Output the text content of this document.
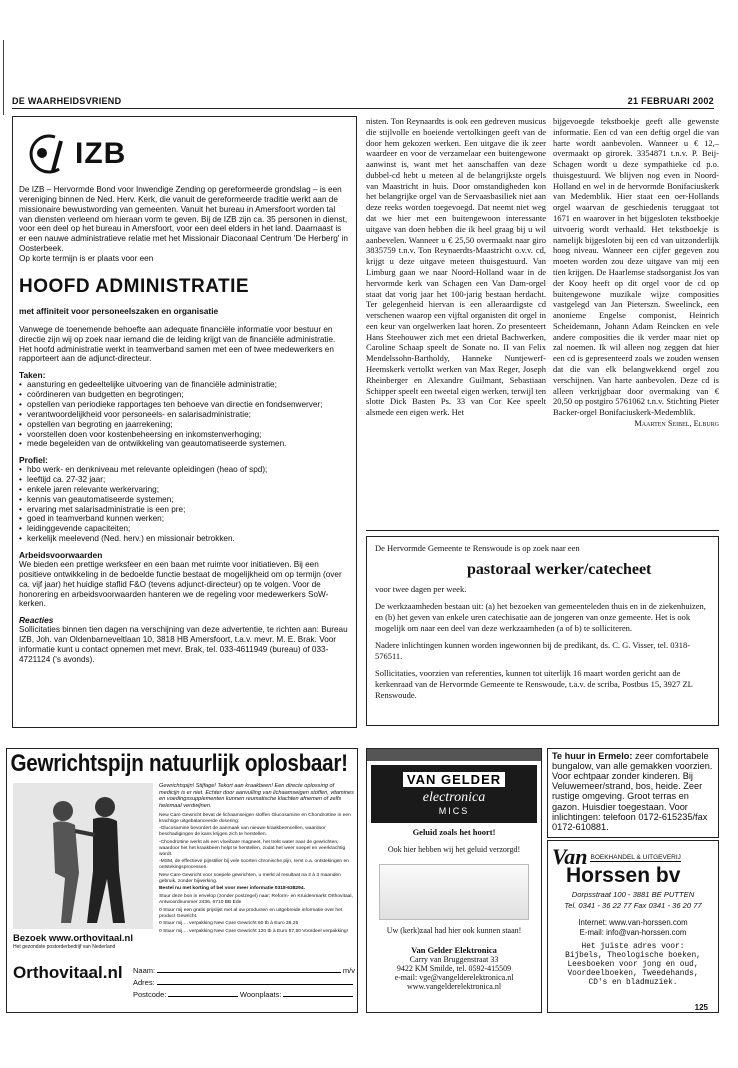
DE WAARHEIDSVRIEND	21 FEBRUARI 2002
IZB

De IZB – Hervormde Bond voor Inwendige Zending op gereformeerde grondslag – is een vereniging binnen de Ned. Herv. Kerk, die vanuit de gereformeerde traditie werkt aan de missionaire bewustwording van gemeenten. Vanuit het bureau in Amersfoort worden tal van diensten verleend om hieraan vorm te geven. Bij de IZB zijn ca. 35 personen in dienst, voor een deel op het bureau in Amersfoort, voor een deel elders in het land. Daarnaast is er een nauwe administratieve relatie met het Missionair Diaconaal Centrum 'De Herberg' in Oosterbeek.

Op korte termijn is er plaats voor een

HOOFD ADMINISTRATIE
met affiniteit voor personeelszaken en organisatie

Vanwege de toenemende behoefte aan adequate financiële informatie voor bestuur en directie zijn wij op zoek naar iemand die de leiding krijgt van de financiële administratie. Het hoofd administratie werkt in teamverband samen met een of twee medewerkers en rapporteert aan de adjunct-directeur.

Taken:
• aansturing en gedeeltelijke uitvoering van de financiële administratie;
• coördineren van budgetten en begrotingen;
• opstellen van periodieke rapportages ten behoeve van directie en fondsenwerver;
• verantwoordelijkheid voor personeels- en salarisadministratie;
• opstellen van begroting en jaarrekening;
• voorstellen doen voor kostenbeheersing en inkomstenverhoging;
• mede begeleiden van de ontwikkeling van geautomatiseerde systemen.
Profiel:
• hbo werk- en denkniveau met relevante opleidingen (heao of spd);
• leeftijd ca. 27-32 jaar;
• enkele jaren relevante werkervaring;
• kennis van geautomatiseerde systemen;
• ervaring met salarisadministratie is een pre;
• goed in teamverband kunnen werken;
• leidinggevende capaciteiten;
• kerkelijk meelevend (Ned. herv.) en missionair betrokken.
Arbeidsvoorwaarden

We bieden een prettige werksfeer en een baan met ruimte voor initiatieven. Bij een positieve ontwikkeling in de bedoelde functie bestaat de mogelijkheid om op termijn (over ca. vijf jaar) het huidige staflid F&O (tevens adjunct-directeur) op te volgen. Voor de honorering en arbeidsvoorwaarden hanteren we de regeling voor medewerkers SoW-kerken.

Reacties

Sollicitaties binnen tien dagen na verschijning van deze advertentie, te richten aan: Bureau IZB, Joh. van Oldenbarneveltlaan 10, 3818 HB Amersfoort, t.a.v. mevr. M. E. Brak. Voor informatie kunt u contact opnemen met mevr. Brak, tel. 033-4611949 (bureau) of 033-4721124 ('s avonds).

nisten. Ton Reynaardts is ook een gedreven musicus die stijlvolle en boeiende vertolkingen geeft van de door hem gekozen werken. Een uitgave die ik zeer waardeer en voor de verzamelaar een buitengewone aanwinst is, want met het aanschaffen van deze dubbel-cd hebt u meteen al de belangrijkste orgels van Maastricht in huis. Door omstandigheden kon het belangrijke orgel van de Servaasbasiliek niet aan deze reeks worden toegevoegd. Dat neemt niet weg dat we hier met een buitengewoon interessante uitgave van doen hebben die ik heel graag bij u wil aanbevelen. Wanneer u € 25,50 overmaakt naar giro 3835759 t.n.v. Ton Reynaerdts-Maastricht o.v.v. cd, krijgt u deze uitgave meteen thuisgestuurd. Van Limburg gaan we naar Noord-Holland waar in de hervormde kerk van Schagen een Van Dam-orgel staat dat vorig jaar het 100-jarig bestaan herdacht. Ter gelegenheid hiervan is een alleraardigste cd verschenen waarop een vijftal organisten dit orgel in een keur van orgelwerken laat horen. Zo presenteert Hans Steehouwer zich met een drietal Bachwerken, Caroline Schaap speelt de Sonate no. II van Felix Mendelssohn-Bartholdy, Hanneke Nuntjewerf-Heemskerk vertolkt werken van Max Reger, Joseph Rheinberger en Alexandre Guilmant, Sebastiaan Schipper speelt een tweetal eigen werken, terwijl ten slotte Dick Basten Ps. 33 van Cor Kee speelt alsmede een eigen werk. Het
bijgevoegde tekstboekje geeft alle gewenste informatie. Een cd van een deftig orgel die van harte wordt aanbevolen. Wanneer u € 12,– overmaakt op girorek. 3354871 t.n.v. P. Beij-Schagen wordt u deze sympathieke cd p.o. thuisgestuurd. We blijven nog even in Noord-Holland en wel in de hervormde Bonifaciuskerk van Medemblik. Hier staat een oer-Hollands orgel waarvan de geschiedenis teruggaat tot 1671 en waarover in het bijgesloten tekstboekje uitvoerig wordt verhaald. Het tekstboekje is namelijk bijgesloten bij een cd van uitzonderlijk hoog niveau. Wanneer een cijfer gegeven zou moeten worden zou deze uitgave van mij een tien krijgen. De Haarlemse stadsorganist Jos van der Kooy heeft op dit orgel voor de cd op buitengewone muzikale wijze composities vastgelegd van Jan Pieterszn. Sweelinck, een anonieme Engelse componist, Heinrich Scheidemann, Johann Adam Reincken en vele andere composities die ik verder maar niet op zal noemen. Ik wil alleen nog zeggen dat hier een cd is gepresenteerd zoals we zouden wensen dat die van elk belangwekkend orgel zou verschijnen. Van harte aanbevolen. Deze cd is alleen verkrijgbaar door overmaking van € 20,50 op postgiro 5761062 t.n.v. Stichting Pieter Backer-orgel Bonifaciuskerk-Medemblik.
Maarten Seibel, Elburg

De Hervormde Gemeente te Renswoude is op zoek naar een

pastoraal werker/catecheet

voor twee dagen per week.

De werkzaamheden bestaan uit: (a) het bezoeken van gemeenteleden thuis en in de ziekenhuizen, en (b) het geven van enkele uren catechisatie aan de jongeren van onze gemeente. Het is ook mogelijk om naar een deel van deze werkzaamheden (a of b) te solliciteren.

Nadere inlichtingen kunnen worden ingewonnen bij de predikant, ds. C. G. Visser, tel. 0318-576511.

Sollicitaties, voorzien van referenties, kunnen tot uiterlijk 16 maart worden gericht aan de kerkenraad van de Hervormde Gemeente te Renswoude, t.a.v. de scriba, Postbus 15, 3927 ZL Renswoude.

Gewrichtspijn natuurlijk oplosbaar!
Gewrichtspijn! Stijfage! Tekort aan kraakbeen! Een directe oplossing of medicijn is er niet. Echter door aanvulling van lichaamseigen stoffen, vitamines en voedingssupplementen kunnen reumatische klachten afnemen of zelfs helemaal verdwijnen.

New Care Gewricht bevat de lichaamseigen stoffen Glucosamine en Chondroïtine in een krachtige uitgebalanceerde dosering:

-Glucosamine bevordert de aanmaak van nieuwe kraakbeencellen, waardoor beschadigingen de kans krijgen zich te herstellen.

-Chondroïtine werkt als een vloeibare magneet, het trekt water naar de gewrichten, waardoor het het kraakbeen helpt te herstellen, zodat het weer soepel en veerkrachtig wordt.

-MSM, de effectieve pijnstiller bij vele soorten chronische pijn, remt o.a. ontstekingen en ontstekingsprocessen.

New Care Gewricht voor soepele gewrichten, u merkt al resultaat na 2 à 3 maanden gebruik, zonder bijwerking.

Bestel nu met korting of bel voor meer informatie 0318-638294.

Stuur deze bon in envelop (zonder postzegel) naar: Reform- en Kruidenmarkt Orthovitaal, Antwoordnummer 2436, 6710 BB Ede

0 Stuur mij een gratis prijslijst met al uw producten en uitgebreide informatie over het product Gewricht.

0 Stuur mij.... verpakking New Care Gewricht 60 tb à Euro 36,25

0 Stuur mij.... verpakking New Care Gewricht 120 tb à Euro 57,50 Voordeel verpakking!

Bezoek www.orthovitaal.nl
Het gezondste postorderbedrijf van Nederland
Orthovitaal.nl Naam:	m/v
Adres:
Postcode:	Woonplaats:
VAN GELDER
electronica
MICS
Geluid zoals het hoort!
Ook hier hebben wij het geluid verzorgd!
Uw (kerk)zaal had hier ook kunnen staan!
Van Gelder Elektronica
Carry van Bruggenstraat 33
9422 KM Smilde, tel. 0592-415509
e-mail: vge@vangelderelektronica.nl
www.vangelderelektronica.nl
Te huur in Ermelo: zeer comfortabele bungalow, van alle gemakken voorzien. Voor echtpaar zonder kinderen. Bij Veluwemeer/strand, bos, heide. Zeer rustige omgeving. Groot terras en gazon. Huisdier toegestaan. Voor inlichtingen: telefoon 0172-615235/fax 0172-610881.
Van BOEKHANDEL & UITGEVERIJ
Horssen bv
Dorpsstraat 100 - 3881 BE PUTTEN
Tel. 0341 - 36 22 77 Fax 0341 - 36 20 77
Internet: www.van-horssen.com
E-mail: info@van-horssen.com
Het juiste adres voor:
Bijbels, Theologische boeken,
Leesboeken voor jong en oud,
Voordeelboeken, Tweedehands,
CD's en bladmuziek.
125
